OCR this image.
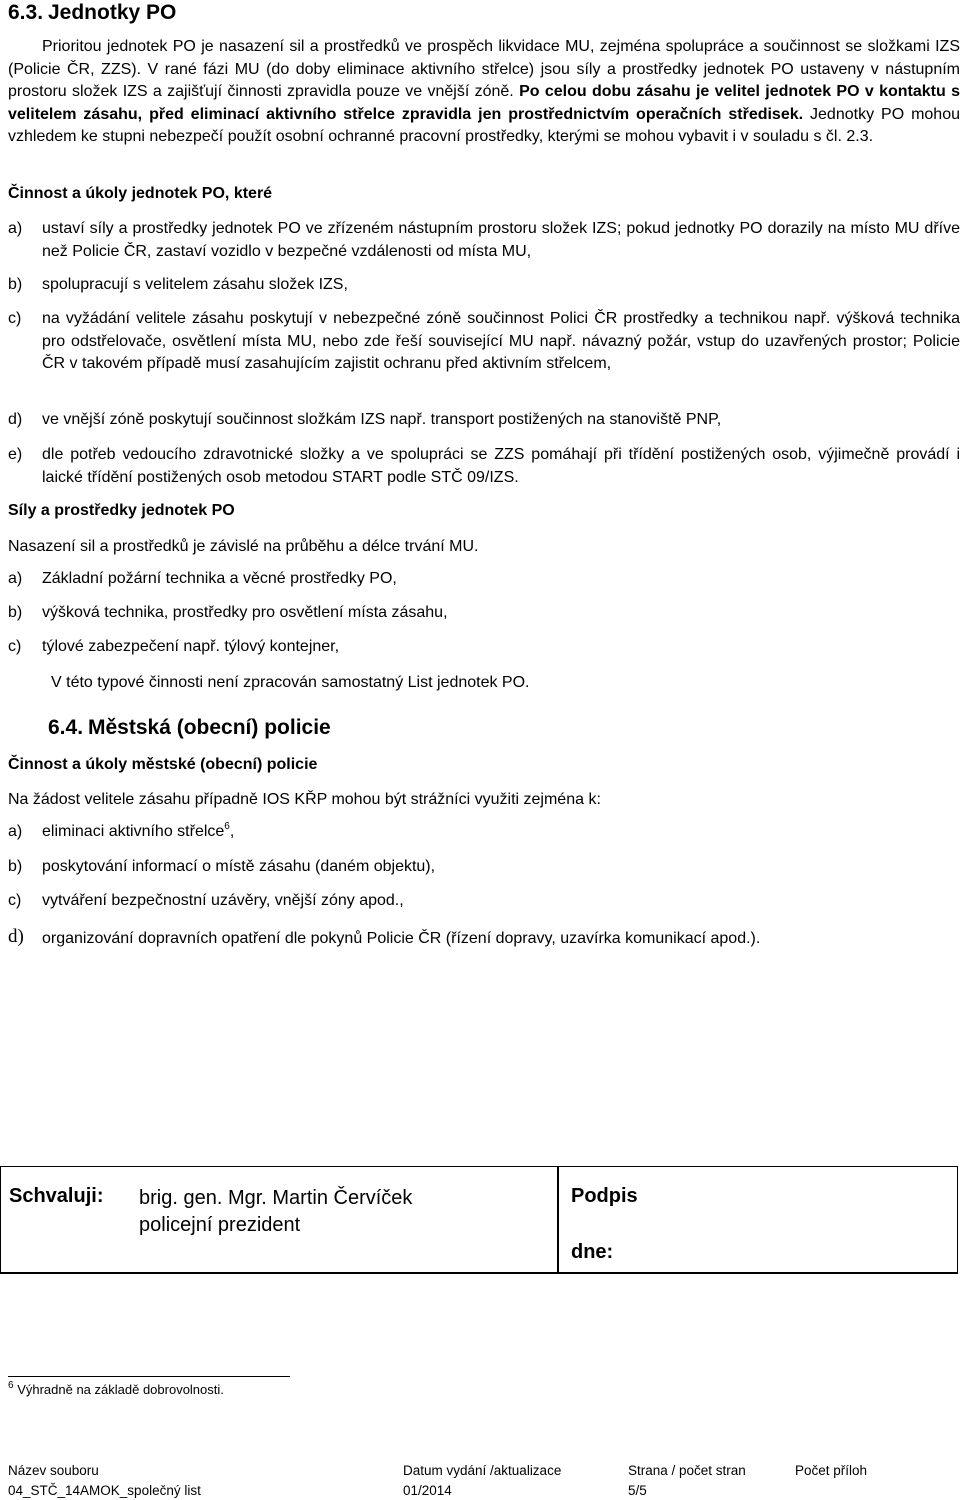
6.3. Jednotky PO
Prioritou jednotek PO je nasazení sil a prostředků ve prospěch likvidace MU, zejména spolupráce a součinnost se složkami IZS (Policie ČR, ZZS). V rané fázi MU (do doby eliminace aktivního střelce) jsou síly a prostředky jednotek PO ustaveny v nástupním prostoru složek IZS a zajišťují činnosti zpravidla pouze ve vnější zóně. Po celou dobu zásahu je velitel jednotek PO v kontaktu s velitelem zásahu, před eliminací aktivního střelce zpravidla jen prostřednictvím operačních středisek. Jednotky PO mohou vzhledem ke stupni nebezpečí použít osobní ochranné pracovní prostředky, kterými se mohou vybavit i v souladu s čl. 2.3.
Činnost a úkoly jednotek PO, které
a) ustaví síly a prostředky jednotek PO ve zřízeném nástupním prostoru složek IZS; pokud jednotky PO dorazily na místo MU dříve než Policie ČR, zastaví vozidlo v bezpečné vzdálenosti od místa MU,
b) spolupracují s velitelem zásahu složek IZS,
c) na vyžádání velitele zásahu poskytují v nebezpečné zóně součinnost Polici ČR prostředky a technikou např. výšková technika pro odstřelovače, osvětlení místa MU, nebo zde řeší související MU např. návazný požár, vstup do uzavřených prostor; Policie ČR v takovém případě musí zasahujícím zajistit ochranu před aktivním střelcem,
d) ve vnější zóně poskytují součinnost složkám IZS např. transport postižených na stanoviště PNP,
e) dle potřeb vedoucího zdravotnické složky a ve spolupráci se ZZS pomáhají při třídění postižených osob, výjimečně provádí i laické třídění postižených osob metodou START podle STČ 09/IZS.
Síly a prostředky jednotek PO
Nasazení sil a prostředků je závislé na průběhu a délce trvání MU.
a) Základní požární technika a věcné prostředky PO,
b) výšková technika, prostředky pro osvětlení místa zásahu,
c) týlové zabezpečení např. týlový kontejner,
V této typové činnosti není zpracován samostatný List jednotek PO.
6.4. Městská (obecní) policie
Činnost a úkoly městské (obecní) policie
Na žádost velitele zásahu případně IOS KŘP mohou být strážníci využiti zejména k:
a) eliminaci aktivního střelce$^6$,
b) poskytování informací o místě zásahu (daném objektu),
c) vytváření bezpečnostní uzávěry, vnější zóny apod.,
d) organizování dopravních opatření dle pokynů Policie ČR (řízení dopravy, uzavírka komunikací apod.).
Schvaluji: brig. gen. Mgr. Martin Červíček
policejní prezident
Podpis
dne:
$^6$ Výhradně na základě dobrovolnosti.
Název souboru
04_STČ_14AMOK_společný list
Datum vydání /aktualizace
01/2014
Strana / počet stran
5/5
Počet příloh
